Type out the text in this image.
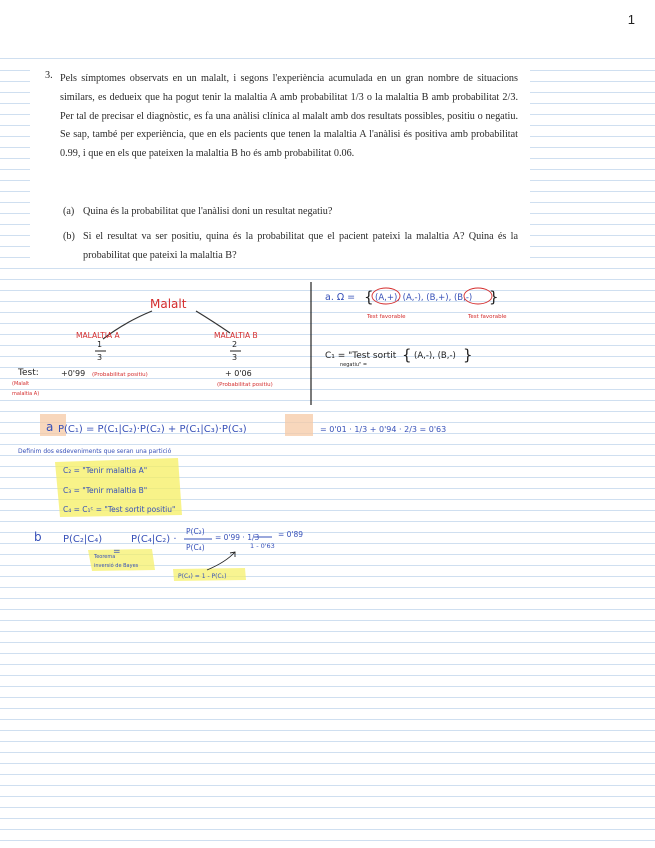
1
3. Pels símptomes observats en un malalt, i segons l'experiència acumulada en un gran nombre de situacions similars, es dedueix que ha pogut tenir la malaltia A amb probabilitat 1/3 o la malaltia B amb probabilitat 2/3. Per tal de precisar el diagnòstic, es fa una anàlisi clínica al malalt amb dos resultats possibles, positiu o negatiu. Se sap, també per experiència, que en els pacients que tenen la malaltia A l'anàlisi és positiva amb probabilitat 0.99, i que en els que pateixen la malaltia B ho és amb probabilitat 0.06.

(a) Quina és la probabilitat que l'anàlisi doni un resultat negatiu?
(b) Si el resultat va ser positiu, quina és la probabilitat que el pacient pateixi la malaltia A? Quina és la probabilitat que pateixi la malaltia B?
Malalt
MALALTIA A	MALALTIA B
1
3
2
3
Test:
(Malalt
malaltia A)
+0'99 (Probabilitat positiu)	+ 0'06
(Probabilitat positiu)
a. Ω = { (A,+), (A,-), (B,+), (B,-) }
Test favorable	Test favorable
C₁ = "Test sortit
negatiu" =
{ (A,-), (B,-) }
a P(C₁) = P(C₁|C₂)·P(C₂) + P(C₁|C₃)·P(C₃)	= 0'01 · 1/3 + 0'94 · 2/3 = 0'63
Definim dos esdeveniments que seran una partició
C₂ = "Tenir malaltia A"
C₃ = "Tenir malaltia B"
C₄ = C₁ᶜ = "Test sortit positiu"
b P(C₂|C₄)
=
P(C₄|C₂) ·
P(C₂)
P(C₄)
= 0'99 · 1/3
1 - 0'63
= 0'89
Teorema
inversió de Bayes
P(C₄) = 1 - P(C₁)
